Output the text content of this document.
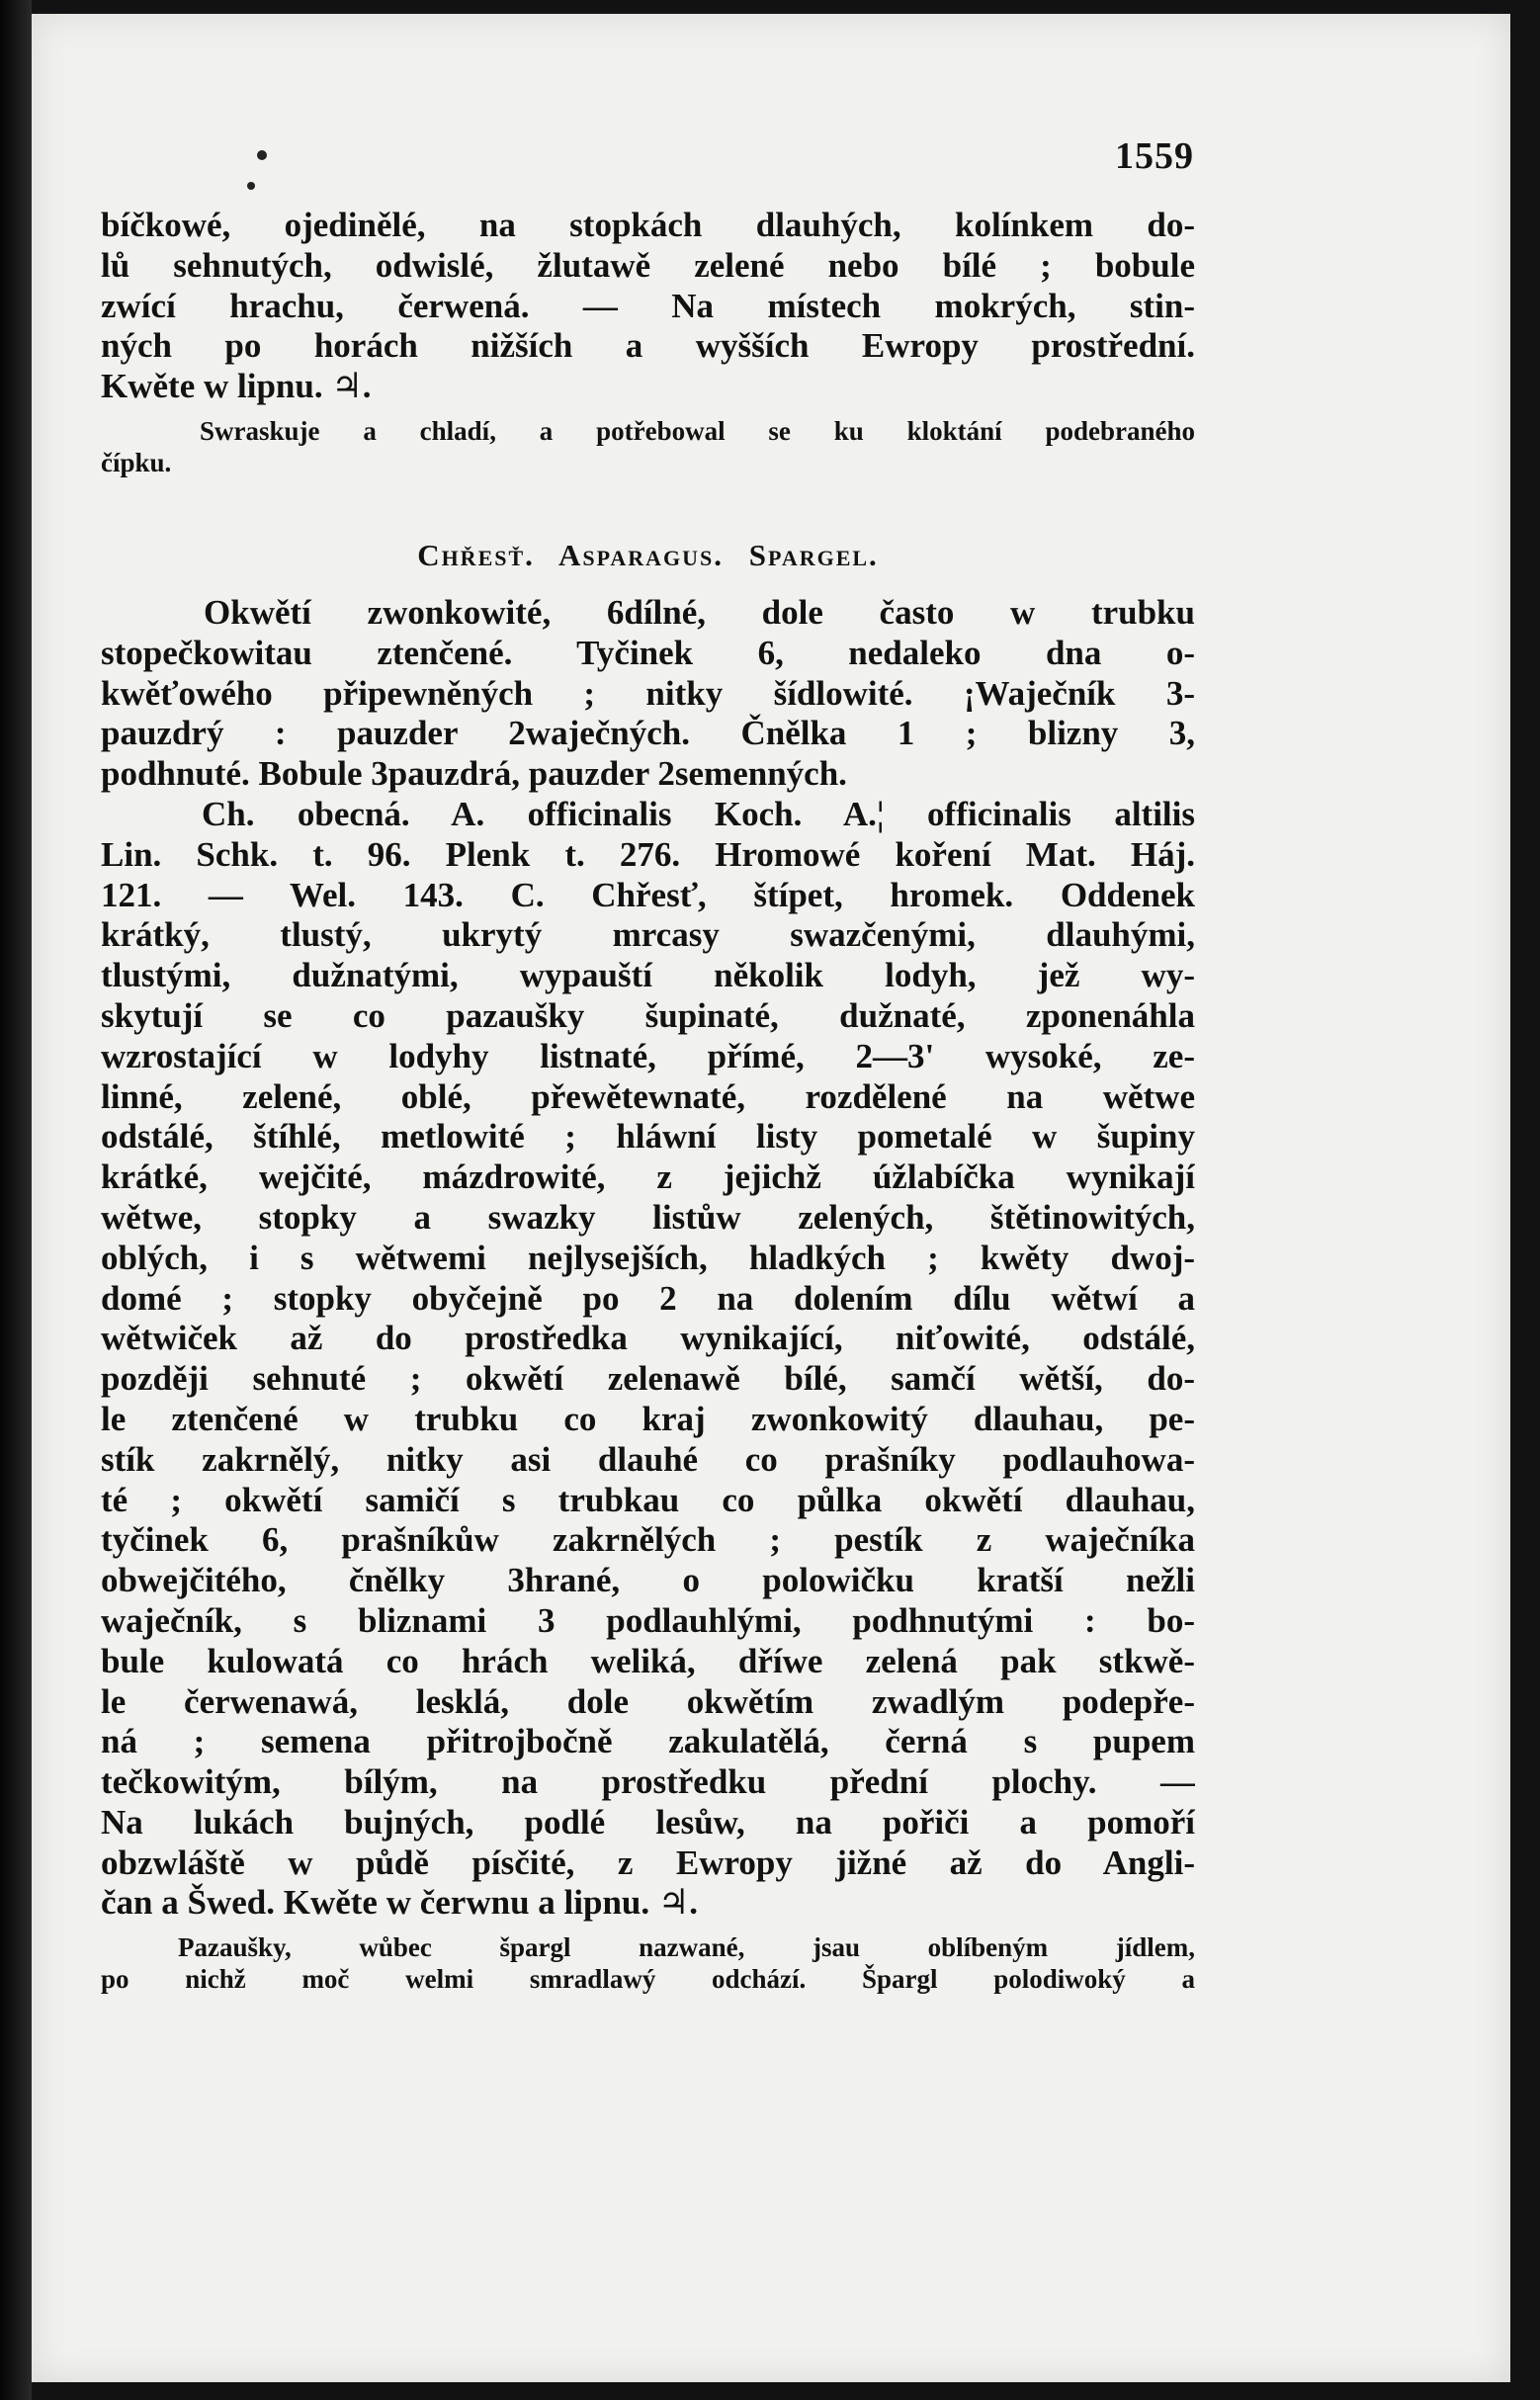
1559
bíčkowé, ojedinělé, na stopkách dlauhých, kolínkem do-
lů sehnutých, odwislé, žlutawě zelené nebo bílé ; bobule
zwící hrachu, čerwená. — Na místech mokrých, stin-
ných po horách nižších a wyšších Ewropy prostřední.
Kwěte w lipnu. ♃.
Swraskuje a chladí, a potřebowal se ku kloktání podebraného
čípku.
Chřesť. Asparagus. Spargel.
Okwětí zwonkowité, 6dílné, dole často w trubku
stopečkowitau ztenčené. Tyčinek 6, nedaleko dna o-
kwěťowého připewněných ; nitky šídlowité. ¡Waječník 3-
pauzdrý : pauzder 2waječných. Čnělka 1 ; blizny 3,
podhnuté. Bobule 3pauzdrá, pauzder 2semenných.
Ch. obecná. A. officinalis Koch. A.¦ officinalis altilis
Lin. Schk. t. 96. Plenk t. 276. Hromowé koření Mat. Háj.
121. — Wel. 143. C. Chřesť, štípet, hromek. Oddenek
krátký, tlustý, ukrytý mrcasy swazčenými, dlauhými,
tlustými, dužnatými, wypauští několik lodyh, jež wy-
skytují se co pazaušky šupinaté, dužnaté, zponenáhla
wzrostající w lodyhy listnaté, přímé, 2—3' wysoké, ze-
linné, zelené, oblé, přewětewnaté, rozdělené na wětwe
odstálé, štíhlé, metlowité ; hláwní listy pometalé w šupiny
krátké, wejčité, mázdrowité, z jejichž úžlabíčka wynikají
wětwe, stopky a swazky listůw zelených, štětinowitých,
oblých, i s wětwemi nejlysejších, hladkých ; kwěty dwoj-
domé ; stopky obyčejně po 2 na dolením dílu wětwí a
wětwiček až do prostředka wynikající, niťowité, odstálé,
později sehnuté ; okwětí zelenawě bílé, samčí wětší, do-
le ztenčené w trubku co kraj zwonkowitý dlauhau, pe-
stík zakrnělý, nitky asi dlauhé co prašníky podlauhowa-
té ; okwětí samičí s trubkau co půlka okwětí dlauhau,
tyčinek 6, prašníkůw zakrnělých ; pestík z waječníka
obwejčitého, čnělky 3hrané, o polowičku kratší nežli
waječník, s bliznami 3 podlauhlými, podhnutými : bo-
bule kulowatá co hrách weliká, dříwe zelená pak stkwě-
le čerwenawá, lesklá, dole okwětím zwadlým podepře-
ná ; semena přitrojbočně zakulatělá, černá s pupem
tečkowitým, bílým, na prostředku přední plochy. —
Na lukách bujných, podlé lesůw, na pořiči a pomoří
obzwláště w půdě písčité, z Ewropy jižné až do Angli-
čan a Šwed. Kwěte w čerwnu a lipnu. ♃.
Pazaušky, wůbec špargl nazwané, jsau oblíbeným jídlem,
po nichž moč welmi smradlawý odchází. Špargl polodiwoký a
